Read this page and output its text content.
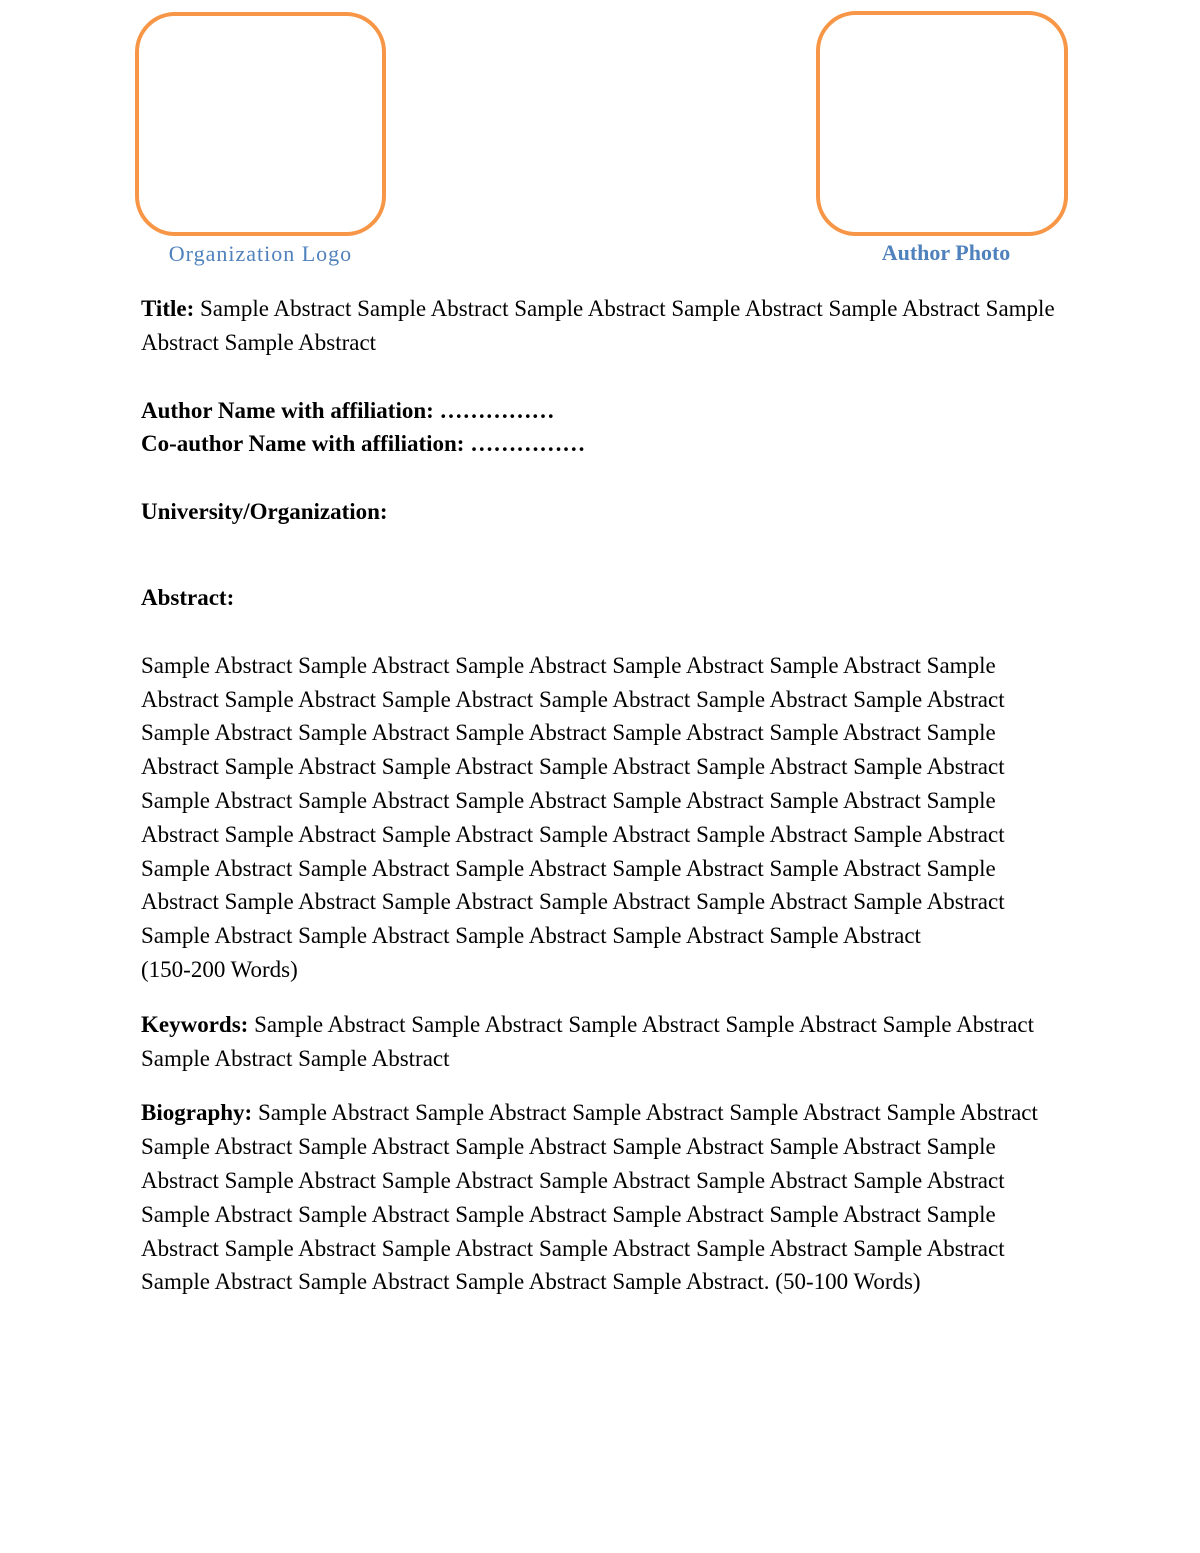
Organization Logo	Author Photo

Title: Sample Abstract Sample Abstract Sample Abstract Sample Abstract Sample Abstract Sample Abstract Sample Abstract

Author Name with affiliation: ……………

Co-author Name with affiliation: ……………

University/Organization:

Abstract:

Sample Abstract Sample Abstract Sample Abstract Sample Abstract Sample Abstract Sample Abstract Sample Abstract Sample Abstract Sample Abstract Sample Abstract Sample Abstract Sample Abstract Sample Abstract Sample Abstract Sample Abstract Sample Abstract Sample Abstract Sample Abstract Sample Abstract Sample Abstract Sample Abstract Sample Abstract Sample Abstract Sample Abstract Sample Abstract Sample Abstract Sample Abstract Sample Abstract Sample Abstract Sample Abstract Sample Abstract Sample Abstract Sample Abstract Sample Abstract Sample Abstract Sample Abstract Sample Abstract Sample Abstract Sample Abstract Sample Abstract Sample Abstract Sample Abstract Sample Abstract Sample Abstract Sample Abstract Sample Abstract Sample Abstract Sample Abstract Sample Abstract

(150-200 Words)

Keywords: Sample Abstract Sample Abstract Sample Abstract Sample Abstract Sample Abstract Sample Abstract Sample Abstract

Biography: Sample Abstract Sample Abstract Sample Abstract Sample Abstract Sample Abstract Sample Abstract Sample Abstract Sample Abstract Sample Abstract Sample Abstract Sample Abstract Sample Abstract Sample Abstract Sample Abstract Sample Abstract Sample Abstract Sample Abstract Sample Abstract Sample Abstract Sample Abstract Sample Abstract Sample Abstract Sample Abstract Sample Abstract Sample Abstract Sample Abstract Sample Abstract Sample Abstract Sample Abstract Sample Abstract Sample Abstract. (50-100 Words)
